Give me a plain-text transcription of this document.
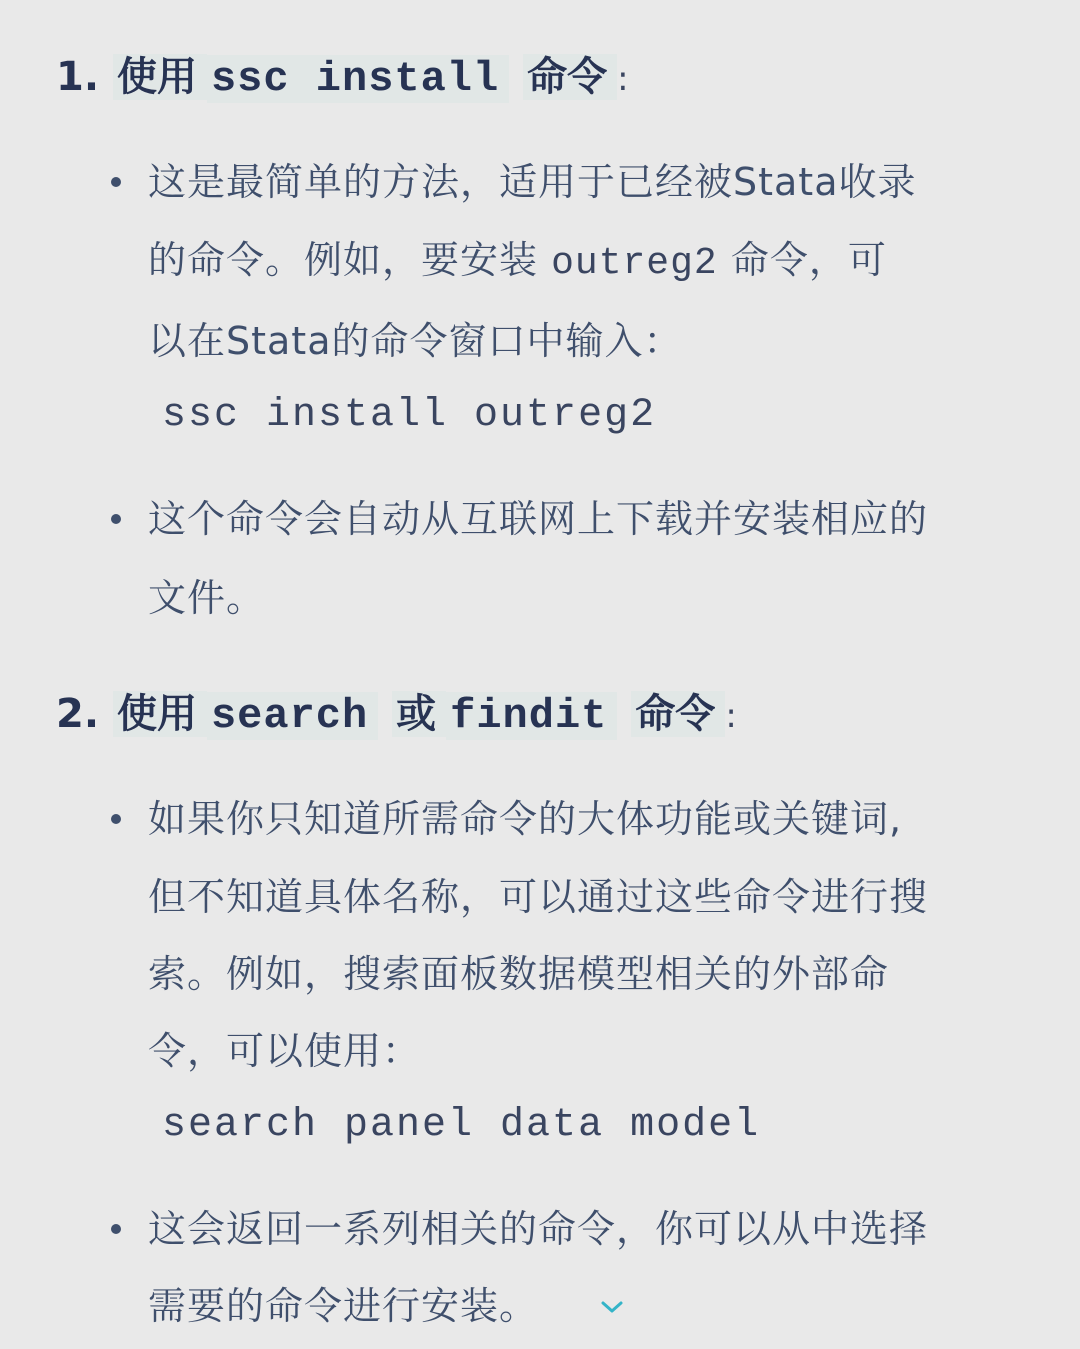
1. 使用 ssc install 命令 :

这是最简单的方法，适用于已经被Stata收录

的命令。例如，要安装 outreg2 命令，可

以在Stata的命令窗口中输入：

ssc install outreg2

这个命令会自动从互联网上下载并安装相应的

文件。

2. 使用 search 或 findit 命令 :

如果你只知道所需命令的大体功能或关键词,

但不知道具体名称，可以通过这些命令进行搜

索。例如，搜索面板数据模型相关的外部命

令，可以使用：

search panel data model

这会返回一系列相关的命令，你可以从中选择

需要的命令进行安装。
